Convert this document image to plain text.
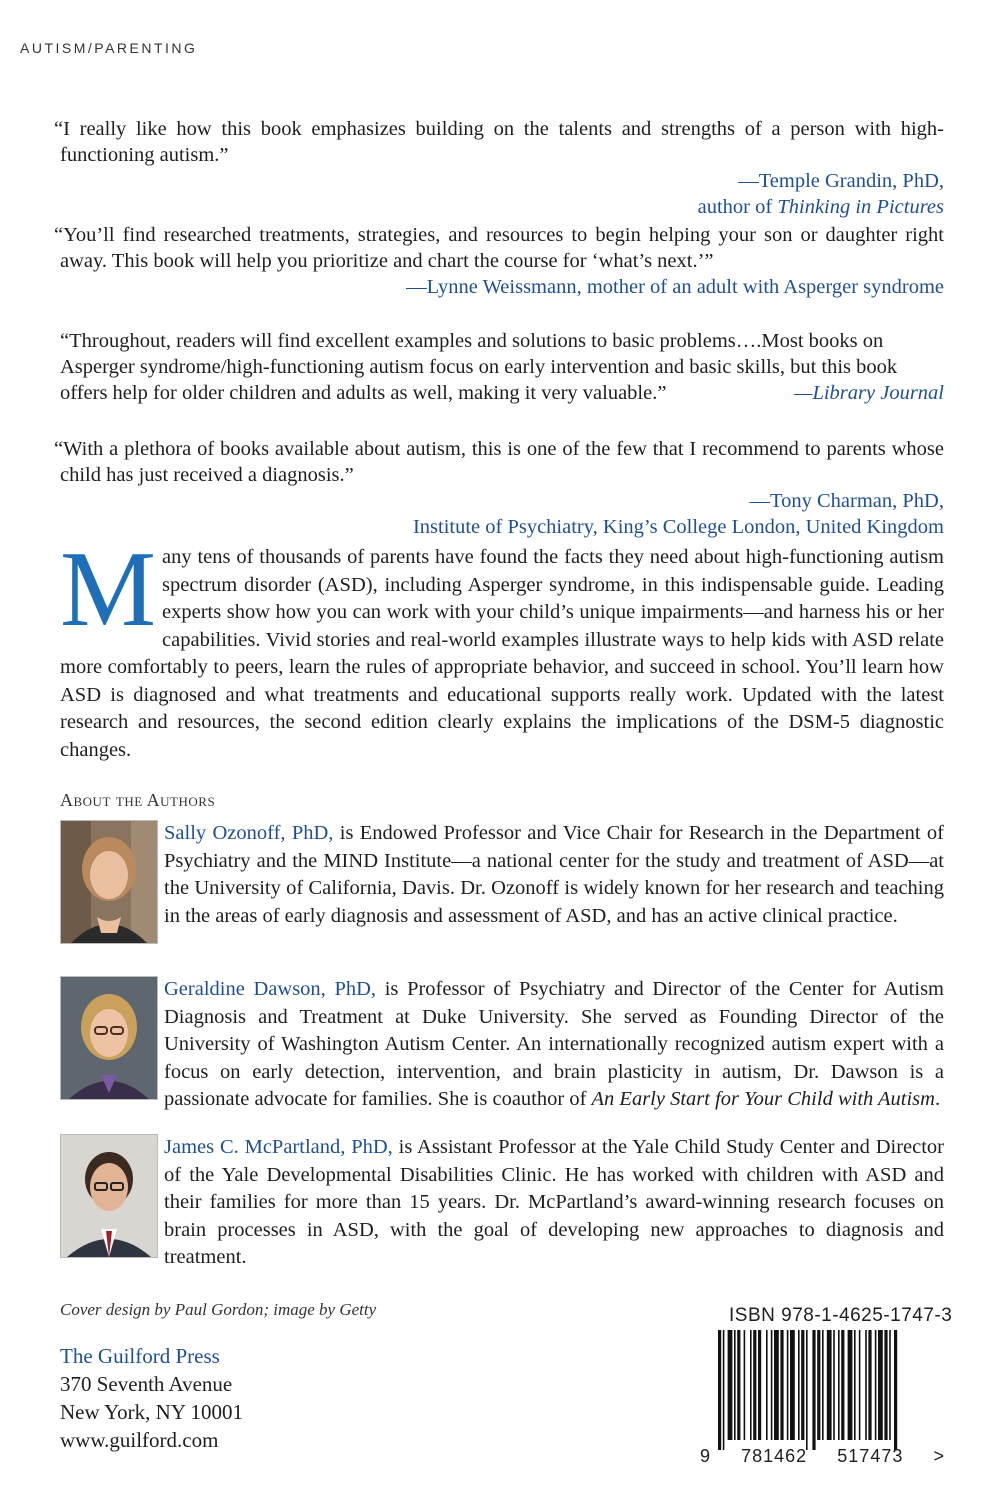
AUTISM/PARENTING
“I really like how this book emphasizes building on the talents and strengths of a person with high-functioning autism.”
—Temple Grandin, PhD,
author of Thinking in Pictures
“You’ll find researched treatments, strategies, and resources to begin helping your son or daughter right away. This book will help you prioritize and chart the course for ‘what’s next.’”
—Lynne Weissmann, mother of an adult with Asperger syndrome
“Throughout, readers will find excellent examples and solutions to basic problems….Most books on Asperger syndrome/high-functioning autism focus on early intervention and basic skills, but this book offers help for older children and adults as well, making it very valuable.”	—Library Journal
“With a plethora of books available about autism, this is one of the few that I recommend to parents whose child has just received a diagnosis.”
—Tony Charman, PhD,
Institute of Psychiatry, King’s College London, United Kingdom
Many tens of thousands of parents have found the facts they need about high-functioning autism spectrum disorder (ASD), including Asperger syndrome, in this indispensable guide. Leading experts show how you can work with your child’s unique impairments—and harness his or her capabilities. Vivid stories and real-world examples illustrate ways to help kids with ASD relate more comfortably to peers, learn the rules of appropriate behavior, and succeed in school. You’ll learn how ASD is diagnosed and what treatments and educational supports really work. Updated with the latest research and resources, the second edition clearly explains the implications of the DSM-5 diagnostic changes.
About the Authors
Sally Ozonoff, PhD, is Endowed Professor and Vice Chair for Research in the Department of Psychiatry and the MIND Institute—a national center for the study and treatment of ASD—at the University of California, Davis. Dr. Ozonoff is widely known for her research and teaching in the areas of early diagnosis and assessment of ASD, and has an active clinical practice.
Geraldine Dawson, PhD, is Professor of Psychiatry and Director of the Center for Autism Diagnosis and Treatment at Duke University. She served as Founding Director of the University of Washington Autism Center. An internationally recognized autism expert with a focus on early detection, intervention, and brain plasticity in autism, Dr. Dawson is a passionate advocate for families. She is coauthor of An Early Start for Your Child with Autism.
James C. McPartland, PhD, is Assistant Professor at the Yale Child Study Center and Director of the Yale Developmental Disabilities Clinic. He has worked with children with ASD and their families for more than 15 years. Dr. McPartland’s award-winning research focuses on brain processes in ASD, with the goal of developing new approaches to diagnosis and treatment.
Cover design by Paul Gordon; image by Getty
The Guilford Press
370 Seventh Avenue
New York, NY 10001
www.guilford.com
ISBN 978-1-4625-1747-3
9 781462 517473 >
